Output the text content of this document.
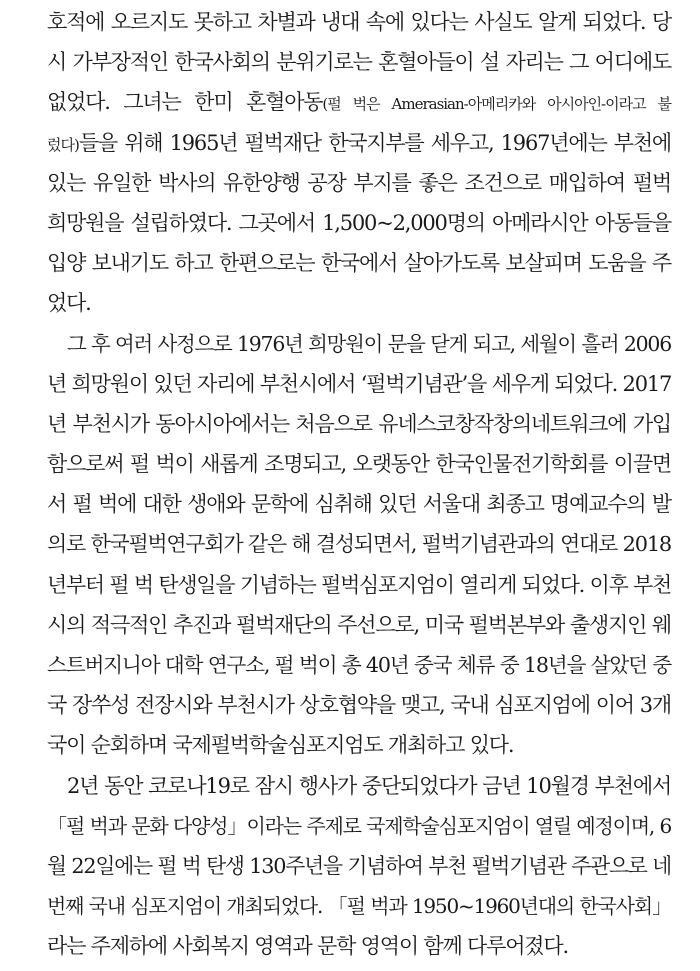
호적에 오르지도 못하고 차별과 냉대 속에 있다는 사실도 알게 되었다. 당
시 가부장적인 한국사회의 분위기로는 혼혈아들이 설 자리는 그 어디에도
없었다. 그녀는 한미 혼혈아동(펄 벅은 Amerasian-아메리카와 아시아인-이라고 불
렀다)들을 위해 1965년 펄벅재단 한국지부를 세우고, 1967년에는 부천에
있는 유일한 박사의 유한양행 공장 부지를 좋은 조건으로 매입하여 펄벅
희망원을 설립하였다. 그곳에서 1,500~2,000명의 아메라시안 아동들을
입양 보내기도 하고 한편으로는 한국에서 살아가도록 보살피며 도움을 주
었다.
그 후 여러 사정으로 1976년 희망원이 문을 닫게 되고, 세월이 흘러 2006
년 희망원이 있던 자리에 부천시에서 ‘펄벅기념관’을 세우게 되었다. 2017
년 부천시가 동아시아에서는 처음으로 유네스코창작창의네트워크에 가입
함으로써 펄 벅이 새롭게 조명되고, 오랫동안 한국인물전기학회를 이끌면
서 펄 벅에 대한 생애와 문학에 심취해 있던 서울대 최종고 명예교수의 발
의로 한국펄벅연구회가 같은 해 결성되면서, 펄벅기념관과의 연대로 2018
년부터 펄 벅 탄생일을 기념하는 펄벅심포지엄이 열리게 되었다. 이후 부천
시의 적극적인 추진과 펄벅재단의 주선으로, 미국 펄벅본부와 출생지인 웨
스트버지니아 대학 연구소, 펄 벅이 총 40년 중국 체류 중 18년을 살았던 중
국 장쑤성 전장시와 부천시가 상호협약을 맺고, 국내 심포지엄에 이어 3개
국이 순회하며 국제펄벅학술심포지엄도 개최하고 있다.
2년 동안 코로나19로 잠시 행사가 중단되었다가 금년 10월경 부천에서
「펄 벅과 문화 다양성」이라는 주제로 국제학술심포지엄이 열릴 예정이며, 6
월 22일에는 펄 벅 탄생 130주년을 기념하여 부천 펄벅기념관 주관으로 네
번째 국내 심포지엄이 개최되었다. 「펄 벅과 1950~1960년대의 한국사회」
라는 주제하에 사회복지 영역과 문학 영역이 함께 다루어졌다.
